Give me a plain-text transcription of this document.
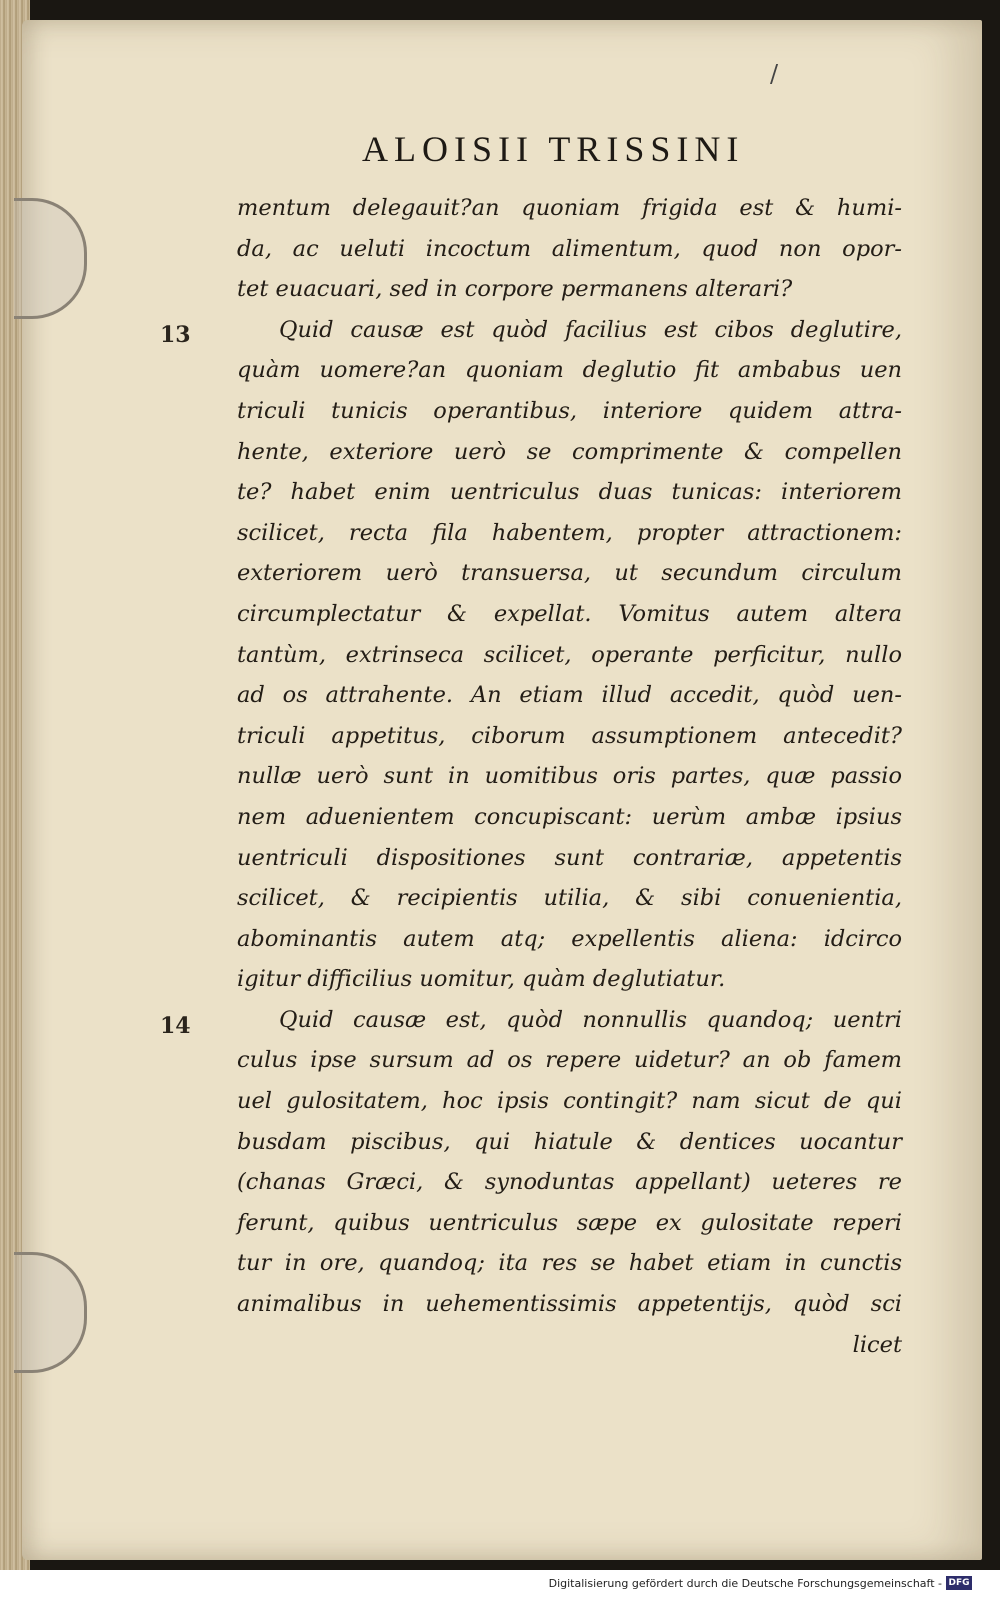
/
ALOISII TRISSINI
13
14
mentum delegauit?an quoniam frigida est & humi-
da, ac ueluti incoctum alimentum, quod non opor-
tet euacuari, sed in corpore permanens alterari?
Quid causæ est quòd facilius est cibos deglutire,
quàm uomere?an quoniam deglutio fit ambabus uen
triculi tunicis operantibus, interiore quidem attra-
hente, exteriore uerò se comprimente & compellen
te? habet enim uentriculus duas tunicas: interiorem
scilicet, recta fila habentem, propter attractionem:
exteriorem uerò transuersa, ut secundum circulum
circumplectatur & expellat. Vomitus autem altera
tantùm, extrinseca scilicet, operante perficitur, nullo
ad os attrahente. An etiam illud accedit, quòd uen-
triculi appetitus, ciborum assumptionem antecedit?
nullæ uerò sunt in uomitibus oris partes, quæ passio
nem aduenientem concupiscant: uerùm ambæ ipsius
uentriculi dispositiones sunt contrariæ, appetentis
scilicet, & recipientis utilia, & sibi conuenientia,
abominantis autem atq; expellentis aliena: idcirco
igitur difficilius uomitur, quàm deglutiatur.
Quid causæ est, quòd nonnullis quandoq; uentri
culus ipse sursum ad os repere uidetur? an ob famem
uel gulositatem, hoc ipsis contingit? nam sicut de qui
busdam piscibus, qui hiatule & dentices uocantur
(chanas Græci, & synoduntas appellant) ueteres re
ferunt, quibus uentriculus sæpe ex gulositate reperi
tur in ore, quandoq; ita res se habet etiam in cunctis
animalibus in uehementissimis appetentijs, quòd sci
licet
Digitalisierung gefördert durch die Deutsche Forschungsgemeinschaft - DFG
